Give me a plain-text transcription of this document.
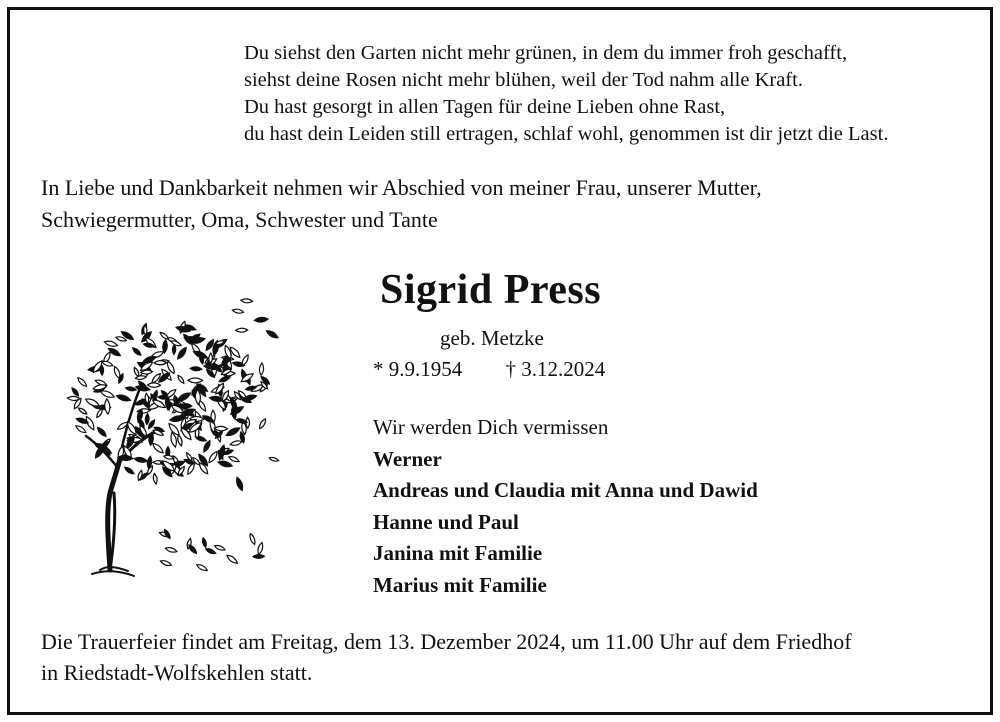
Du siehst den Garten nicht mehr grünen, in dem du immer froh geschafft,
siehst deine Rosen nicht mehr blühen, weil der Tod nahm alle Kraft.
Du hast gesorgt in allen Tagen für deine Lieben ohne Rast,
du hast dein Leiden still ertragen, schlaf wohl, genommen ist dir jetzt die Last.
In Liebe und Dankbarkeit nehmen wir Abschied von meiner Frau, unserer Mutter,
Schwiegermutter, Oma, Schwester und Tante
Sigrid Press
geb. Metzke
* 9.9.1954 † 3.12.2024
Wir werden Dich vermissen
Werner
Andreas und Claudia mit Anna und Dawid
Hanne und Paul
Janina mit Familie
Marius mit Familie
Die Trauerfeier findet am Freitag, dem 13. Dezember 2024, um 11.00 Uhr auf dem Friedhof
in Riedstadt-Wolfskehlen statt.
